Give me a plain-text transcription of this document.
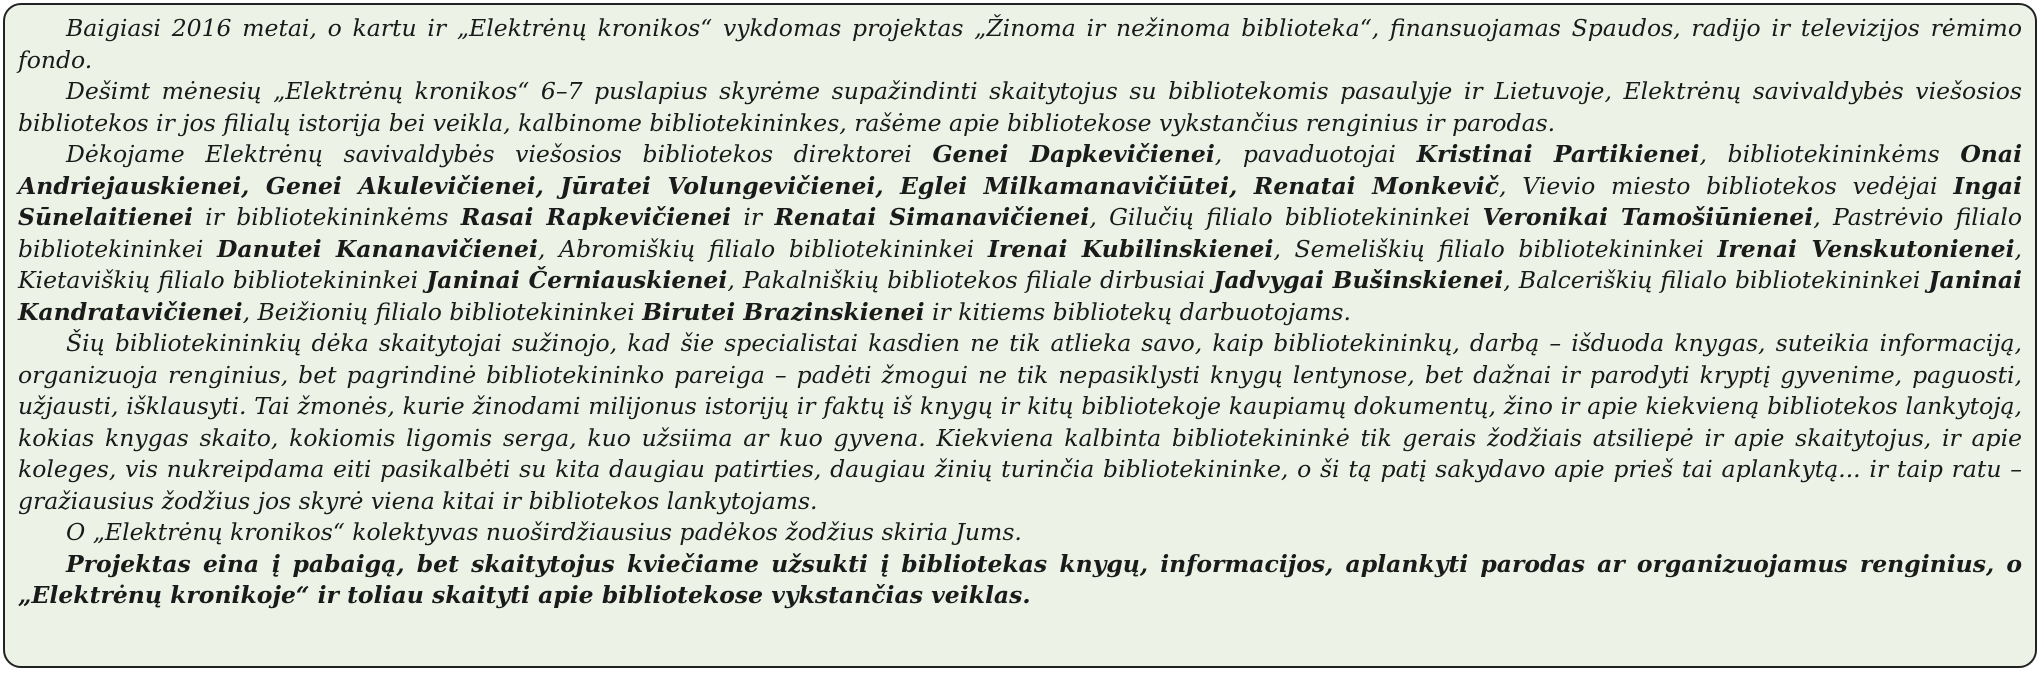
Baigiasi 2016 metai, o kartu ir „Elektrėnų kronikos“ vykdomas projektas „Žinoma ir nežinoma biblioteka“, finansuojamas Spaudos, radijo ir televizijos rėmimo fondo.

Dešimt mėnesių „Elektrėnų kronikos“ 6–7 puslapius skyrėme supažindinti skaitytojus su bibliotekomis pasaulyje ir Lietuvoje, Elektrėnų savivaldybės viešosios bibliotekos ir jos filialų istorija bei veikla, kalbinome bibliotekininkes, rašėme apie bibliotekose vykstančius renginius ir parodas.

Dėkojame Elektrėnų savivaldybės viešosios bibliotekos direktorei Genei Dapkevičienei, pavaduotojai Kristinai Partikienei, bibliotekininkėms Onai Andriejauskienei, Genei Akulevičienei, Jūratei Volungevičienei, Eglei Milkamanavičiūtei, Renatai Monkevič, Vievio miesto bibliotekos vedėjai Ingai Sūnelaitienei ir bibliotekininkėms Rasai Rapkevičienei ir Renatai Simanavičienei, Gilučių filialo bibliotekininkei Veronikai Tamošiūnienei, Pastrėvio filialo bibliotekininkei Danutei Kananavičienei, Abromiškių filialo bibliotekininkei Irenai Kubilinskienei, Semeliškių filialo bibliotekininkei Irenai Venskutonienei, Kietaviškių filialo bibliotekininkei Janinai Černiauskienei, Pakalniškių bibliotekos filiale dirbusiai Jadvygai Bušinskienei, Balceriškių filialo bibliotekininkei Janinai Kandratavičienei, Beižionių filialo bibliotekininkei Birutei Brazinskienei ir kitiems bibliotekų darbuotojams.

Šių bibliotekininkių dėka skaitytojai sužinojo, kad šie specialistai kasdien ne tik atlieka savo, kaip bibliotekininkų, darbą – išduoda knygas, suteikia informaciją, organizuoja renginius, bet pagrindinė bibliotekininko pareiga – padėti žmogui ne tik nepasiklysti knygų lentynose, bet dažnai ir parodyti kryptį gyvenime, paguosti, užjausti, išklausyti. Tai žmonės, kurie žinodami milijonus istorijų ir faktų iš knygų ir kitų bibliotekoje kaupiamų dokumentų, žino ir apie kiekvieną bibliotekos lankytoją, kokias knygas skaito, kokiomis ligomis serga, kuo užsiima ar kuo gyvena. Kiekviena kalbinta bibliotekininkė tik gerais žodžiais atsiliepė ir apie skaitytojus, ir apie koleges, vis nukreipdama eiti pasikalbėti su kita daugiau patirties, daugiau žinių turinčia bibliotekininke, o ši tą patį sakydavo apie prieš tai aplankytą... ir taip ratu – gražiausius žodžius jos skyrė viena kitai ir bibliotekos lankytojams.

O „Elektrėnų kronikos“ kolektyvas nuoširdžiausius padėkos žodžius skiria Jums.

Projektas eina į pabaigą, bet skaitytojus kviečiame užsukti į bibliotekas knygų, informacijos, aplankyti parodas ar organizuojamus renginius, o „Elektrėnų kronikoje“ ir toliau skaityti apie bibliotekose vykstančias veiklas.
